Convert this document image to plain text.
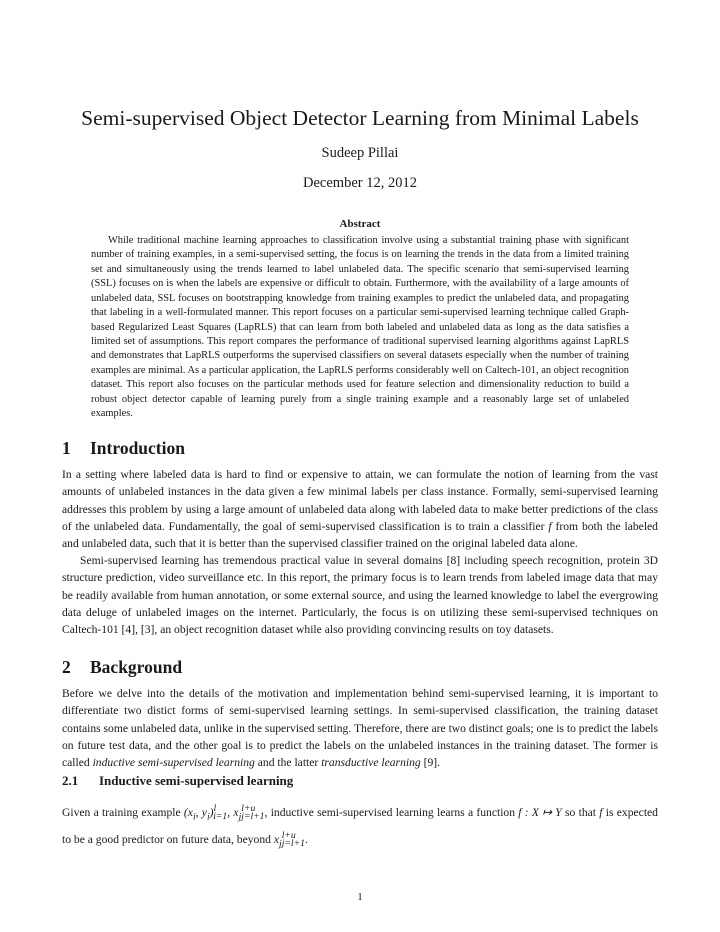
Semi-supervised Object Detector Learning from Minimal Labels
Sudeep Pillai
December 12, 2012
Abstract

While traditional machine learning approaches to classification involve using a substantial training phase with significant number of training examples, in a semi-supervised setting, the focus is on learning the trends in the data from a limited training set and simultaneously using the trends learned to label unlabeled data. The specific scenario that semi-supervised learning (SSL) focuses on is when the labels are expensive or difficult to obtain. Furthermore, with the availability of a large amounts of unlabeled data, SSL focuses on bootstrapping knowledge from training examples to predict the unlabeled data, and propagating that labeling in a well-formulated manner. This report focuses on a particular semi-supervised learning technique called Graph-based Regularized Least Squares (LapRLS) that can learn from both labeled and unlabeled data as long as the data satisfies a limited set of assumptions. This report compares the performance of traditional supervised learning algorithms against LapRLS and demonstrates that LapRLS outperforms the supervised classifiers on several datasets especially when the number of training examples are minimal. As a particular application, the LapRLS performs considerably well on Caltech-101, an object recognition dataset. This report also focuses on the particular methods used for feature selection and dimensionality reduction to build a robust object detector capable of learning purely from a single training example and a reasonably large set of unlabeled examples.

1 Introduction

In a setting where labeled data is hard to find or expensive to attain, we can formulate the notion of learning from the vast amounts of unlabeled instances in the data given a few minimal labels per class instance. Formally, semi-supervised learning addresses this problem by using a large amount of unlabeled data along with labeled data to make better predictions of the class of the unlabeled data. Fundamentally, the goal of semi-supervised classification is to train a classifier f from both the labeled and unlabeled data, such that it is better than the supervised classifier trained on the original labeled data alone.

Semi-supervised learning has tremendous practical value in several domains [8] including speech recognition, protein 3D structure prediction, video surveillance etc. In this report, the primary focus is to learn trends from labeled image data that may be readily available from human annotation, or some external source, and using the learned knowledge to label the evergrowing data deluge of unlabeled images on the internet. Particularly, the focus is on utilizing these semi-supervised techniques on Caltech-101 [4], [3], an object recognition dataset while also providing convincing results on toy datasets.

2 Background

Before we delve into the details of the motivation and implementation behind semi-supervised learning, it is important to differentiate two distict forms of semi-supervised learning settings. In semi-supervised classification, the training dataset contains some unlabeled data, unlike in the supervised setting. Therefore, there are two distinct goals; one is to predict the labels on future test data, and the other goal is to predict the labels on the unlabeled instances in the training dataset. The former is called inductive semi-supervised learning and the latter transductive learning [9].

2.1 Inductive semi-supervised learning

Given a training example ($x_i$, $y_i)^l_{i=1}$, $x_j^{l+u}_{j=l+1}$, inductive semi-supervised learning learns a function f : X ↦ Y so that f is expected to be a good predictor on future data, beyond $x_j^{l+u}_{j=l+1}$.

1
